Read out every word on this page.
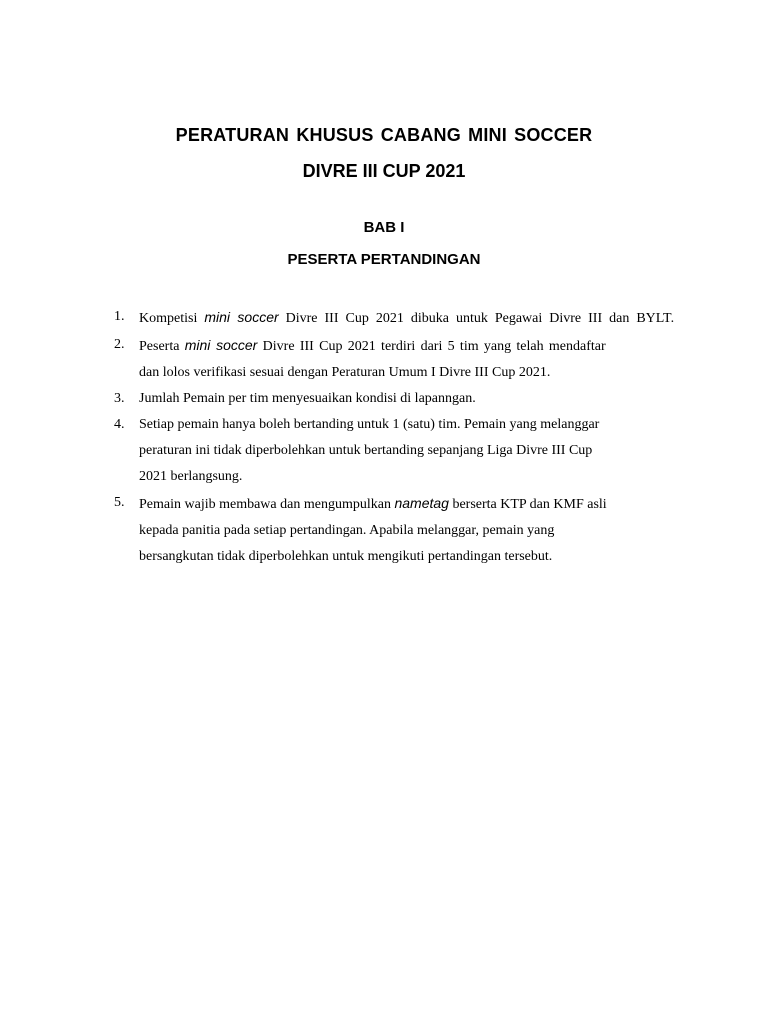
PERATURAN KHUSUS CABANG MINI SOCCER
DIVRE III CUP 2021
BAB I
PESERTA PERTANDINGAN
1.	Kompetisi mini soccer Divre III Cup 2021 dibuka untuk Pegawai Divre III dan BYLT.
2.	Peserta mini soccer Divre III Cup 2021 terdiri dari 5 tim yang telah mendaftar
dan lolos verifikasi sesuai dengan Peraturan Umum I Divre III Cup 2021.
3.	Jumlah Pemain per tim menyesuaikan kondisi di lapanngan.
4.	Setiap pemain hanya boleh bertanding untuk 1 (satu) tim. Pemain yang melanggar
peraturan ini tidak diperbolehkan untuk bertanding sepanjang Liga Divre III Cup
2021 berlangsung.
5.	Pemain wajib membawa dan mengumpulkan nametag berserta KTP dan KMF asli
kepada panitia pada setiap pertandingan. Apabila melanggar, pemain yang
bersangkutan tidak diperbolehkan untuk mengikuti pertandingan tersebut.
